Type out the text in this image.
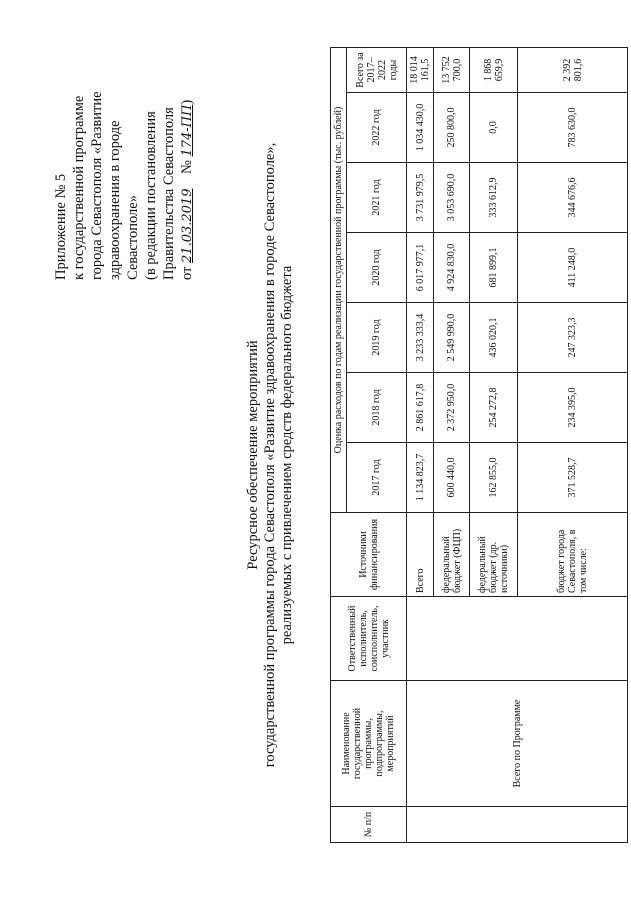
Приложение № 5 к государственной программе города Севастополя «Развитие здравоохранения в городе Севастополе» (в редакции постановления Правительства Севастополя от 21.03.2019    № 174-ПП)
Ресурсное обеспечение мероприятий государственной программы города Севастополя «Развитие здравоохранения в городе Севастополе», реализуемых с привлечением средств федерального бюджета
№ п/п	Наименование государственной программы, подпрограммы, мероприятий	Ответственный исполнитель, соисполнитель, участник	Источники финансирования	Оценка расходов по годам реализации государственной программы (тыс. рублей)						
				2017 год	2018 год	2019 год	2020 год	2021 год	2022 год	Всего за 2017–2022 годы
	Всего по Программе		Всего	1 134 823,7	2 861 617,8	3 233 333,4	6 017 977,1	3 731 979,5	1 034 430,0	18 014 161,5
			федеральный бюджет (ФЦП)	600 440,0	2 372 950,0	2 549 990,0	4 924 830,0	3 053 690,0	250 800,0	13 752 700,0
			федеральный бюджет (др. источники)	162 855,0	254 272,8	436 020,1	681 899,1	333 612,9	0,0	1 868 659,9
			бюджет города Севастополя, в том числе:	371 528,7	234 395,0	247 323,3	411 248,0	344 676,6	783 630,0	2 392 801,6
